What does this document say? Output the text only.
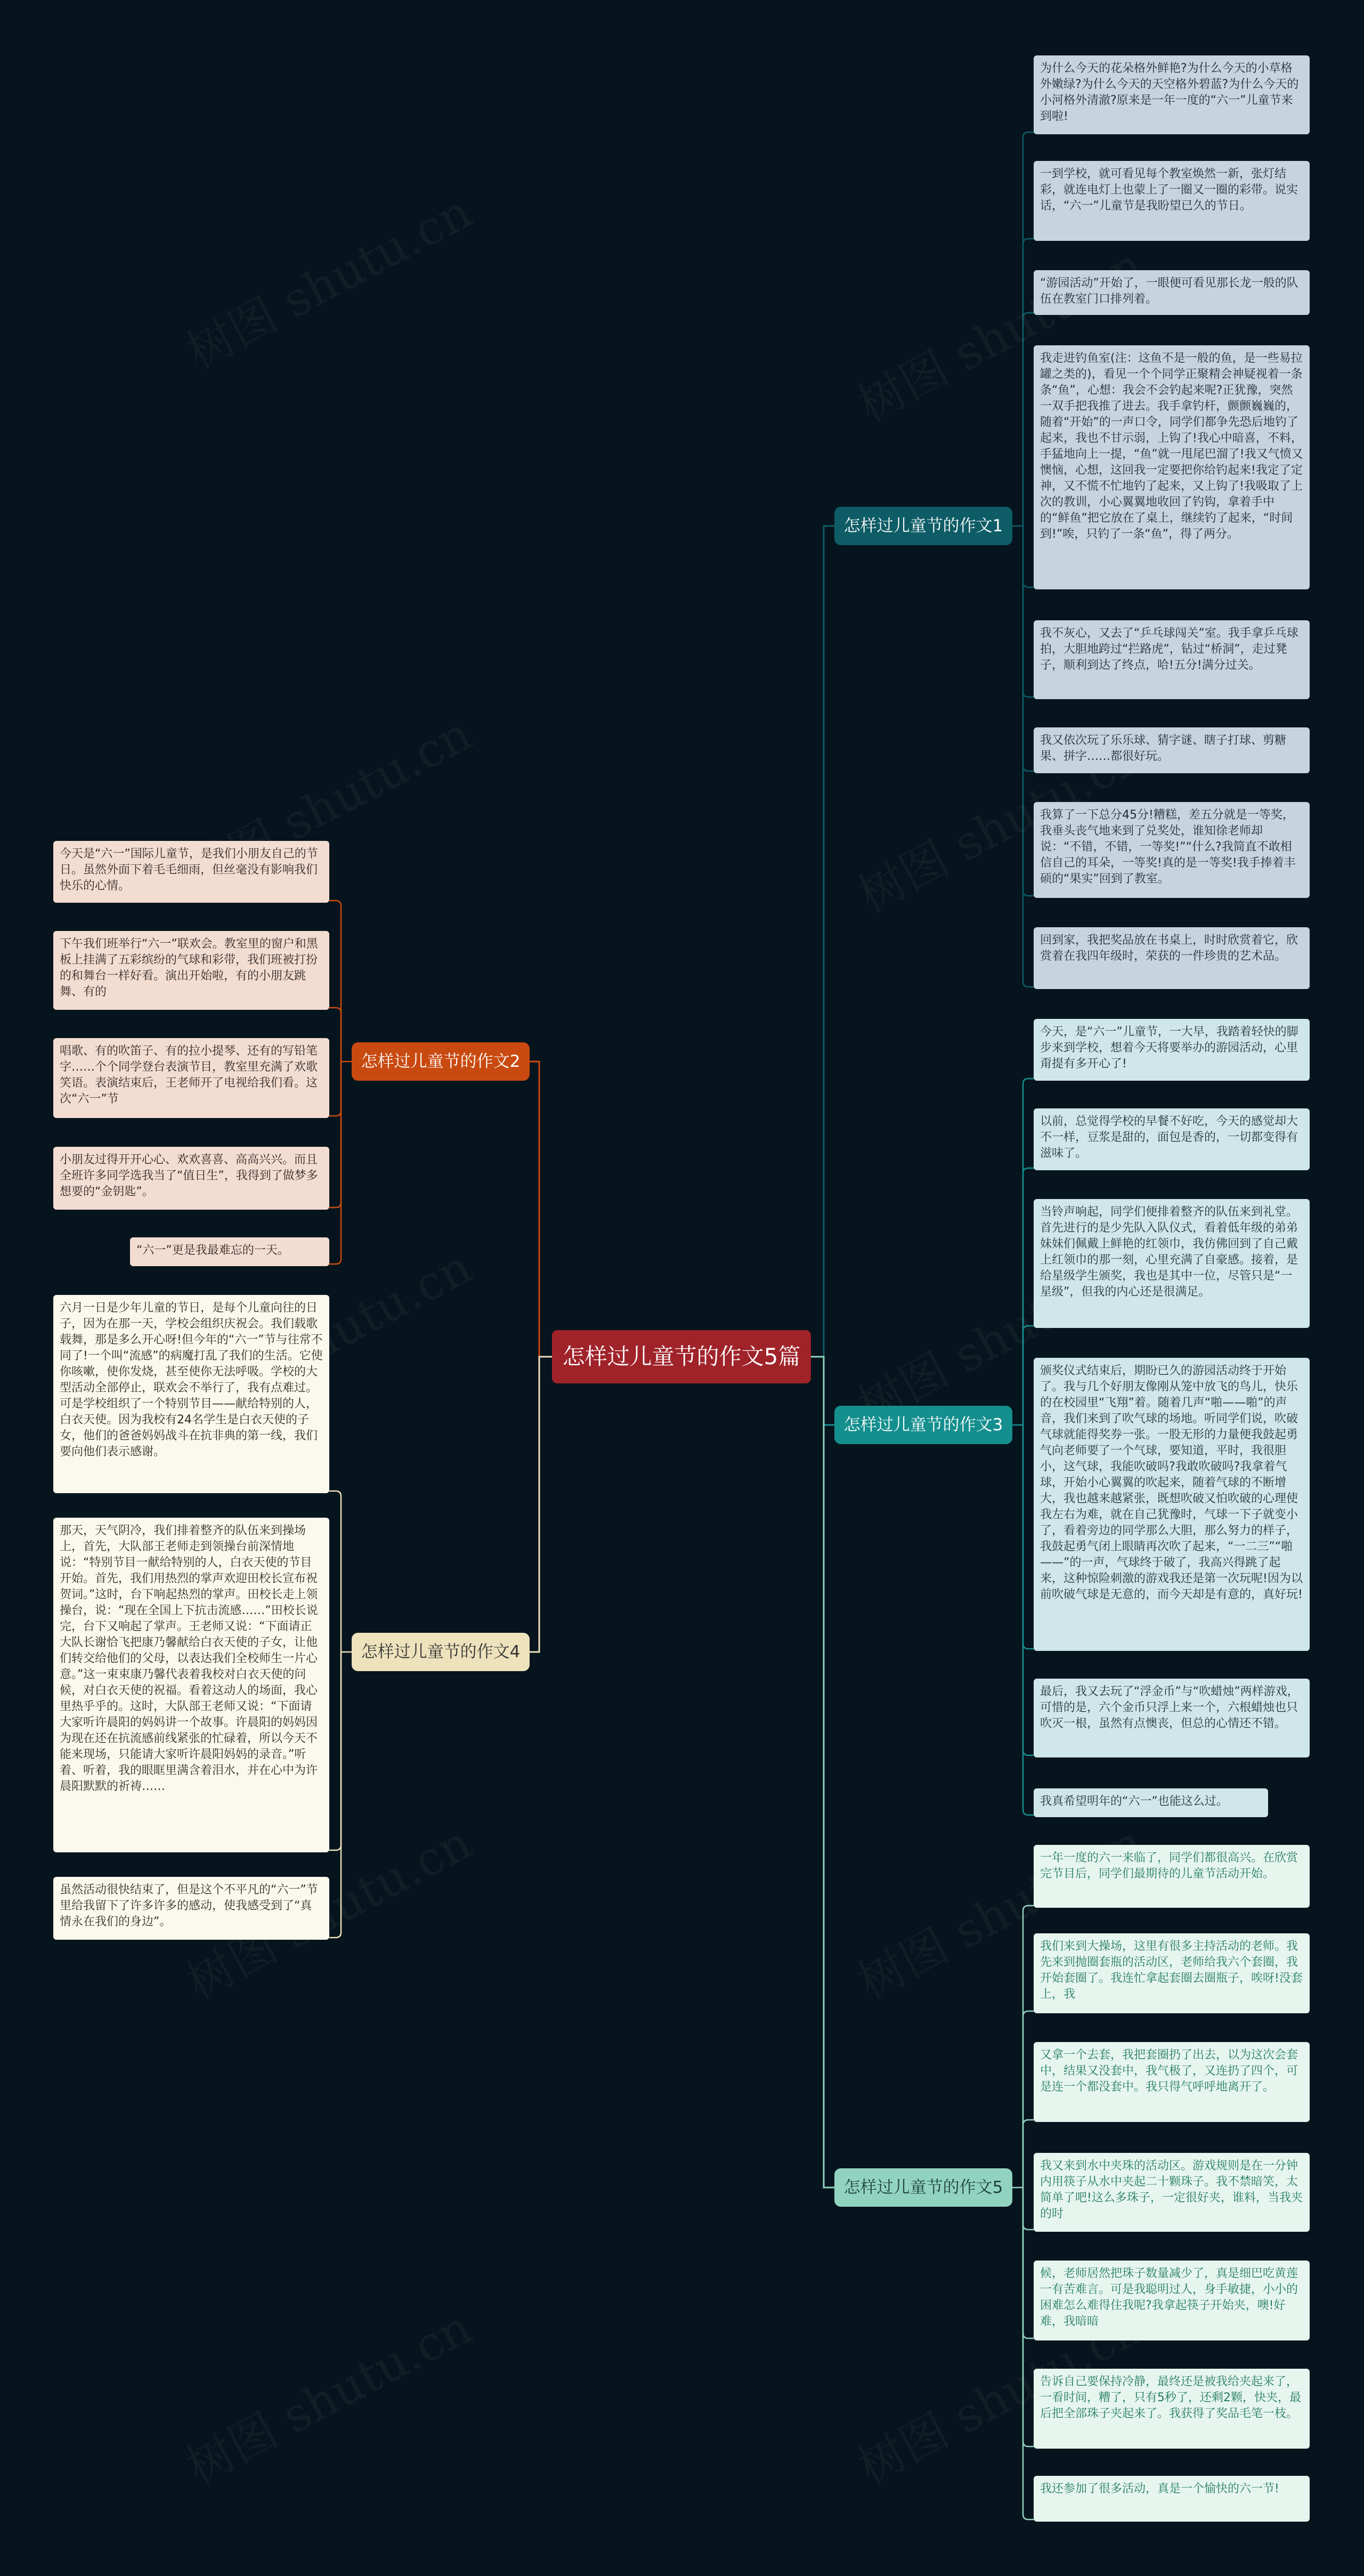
怎样过儿童节的作文5篇
怎样过儿童节的作文1
怎样过儿童节的作文3
怎样过儿童节的作文5
怎样过儿童节的作文2
怎样过儿童节的作文4
为什么今天的花朵格外鲜艳?为什么今天的小草格外嫩绿?为什么今天的天空格外碧蓝?为什么今天的小河格外清澈?原来是一年一度的“六一”儿童节来到啦!
一到学校，就可看见每个教室焕然一新，张灯结彩，就连电灯上也蒙上了一圈又一圈的彩带。说实话，“六一”儿童节是我盼望已久的节日。
“游园活动”开始了，一眼便可看见那长龙一般的队伍在教室门口排列着。
我走进钓鱼室(注：这鱼不是一般的鱼，是一些易拉罐之类的)，看见一个个同学正聚精会神疑视着一条条“鱼”，心想：我会不会钓起来呢?正犹豫，突然一双手把我推了进去。我手拿钓杆，颤颤巍巍的，随着“开始”的一声口令，同学们都争先恐后地钓了起来，我也不甘示弱，上钩了!我心中暗喜，不料，手猛地向上一提，“鱼”就一甩尾巴溜了!我又气愤又懊恼，心想，这回我一定要把你给钓起来!我定了定神，又不慌不忙地钓了起来，又上钩了!我吸取了上次的教训，小心翼翼地收回了钓钩，拿着手中的“鲜鱼”把它放在了桌上，继续钓了起来，“时间到!”唉，只钓了一条“鱼”，得了两分。
我不灰心，又去了“乒乓球闯关”室。我手拿乒乓球拍，大胆地跨过“拦路虎”，钻过“桥洞”，走过凳子，顺利到达了终点，哈!五分!满分过关。
我又依次玩了乐乐球、猜字谜、瞎子打球、剪糖果、拼字……都很好玩。
我算了一下总分45分!糟糕，差五分就是一等奖，我垂头丧气地来到了兑奖处，谁知徐老师却说：“不错，不错，一等奖!”“什么?我简直不敢相信自己的耳朵，一等奖!真的是一等奖!我手捧着丰硕的“果实”回到了教室。
回到家，我把奖品放在书桌上，时时欣赏着它，欣赏着在我四年级时，荣获的一件珍贵的艺术品。
今天，是“六一”儿童节，一大早，我踏着轻快的脚步来到学校，想着今天将要举办的游园活动，心里甭提有多开心了!
以前，总觉得学校的早餐不好吃，今天的感觉却大不一样，豆浆是甜的，面包是香的，一切都变得有滋味了。
当铃声响起，同学们便排着整齐的队伍来到礼堂。首先进行的是少先队入队仪式，看着低年级的弟弟妹妹们佩戴上鲜艳的红领巾，我仿佛回到了自己戴上红领巾的那一刻，心里充满了自豪感。接着，是给星级学生颁奖，我也是其中一位，尽管只是“一星级”，但我的内心还是很满足。
颁奖仪式结束后，期盼已久的游园活动终于开始了。我与几个好朋友像刚从笼中放飞的鸟儿，快乐的在校园里“飞翔”着。随着几声“啪——啪”的声音，我们来到了吹气球的场地。听同学们说，吹破气球就能得奖券一张。一股无形的力量便我鼓起勇气向老师要了一个气球，要知道，平时，我很胆小，这气球，我能吹破吗?我敢吹破吗?我拿着气球，开始小心翼翼的吹起来，随着气球的不断增大，我也越来越紧张，既想吹破又怕吹破的心理使我左右为难，就在自己犹豫时，气球一下子就变小了，看着旁边的同学那么大胆，那么努力的样子，我鼓起勇气闭上眼睛再次吹了起来，“一二三”“啪——”的一声，气球终于破了，我高兴得跳了起来，这种惊险刺激的游戏我还是第一次玩呢!因为以前吹破气球是无意的，而今天却是有意的，真好玩!
最后，我又去玩了“浮金币”与“吹蜡烛”两样游戏，可惜的是，六个金币只浮上来一个，六根蜡烛也只吹灭一根，虽然有点懊丧，但总的心情还不错。
我真希望明年的“六一”也能这么过。
一年一度的六一来临了，同学们都很高兴。在欣赏完节目后，同学们最期待的儿童节活动开始。
我们来到大操场，这里有很多主持活动的老师。我先来到抛圈套瓶的活动区，老师给我六个套圈，我开始套圈了。我连忙拿起套圈去圈瓶子，唉呀!没套上，我
又拿一个去套，我把套圈扔了出去，以为这次会套中，结果又没套中，我气极了，又连扔了四个，可是连一个都没套中。我只得气呼呼地离开了。
我又来到水中夹珠的活动区。游戏规则是在一分钟内用筷子从水中夹起二十颗珠子。我不禁暗笑，太简单了吧!这么多珠子，一定很好夹，谁料，当我夹的时
候，老师居然把珠子数量减少了，真是细巴吃黄莲一有苦难言。可是我聪明过人，身手敏捷，小小的困难怎么难得住我呢?我拿起筷子开始夹，噢!好难，我暗暗
告诉自己要保持冷静，最终还是被我给夹起来了，一看时间，糟了，只有5秒了，还剩2颗，快夹，最后把全部珠子夹起来了。我获得了奖品毛笔一枝。
我还参加了很多活动，真是一个愉快的六一节!
今天是“六一”国际儿童节，是我们小朋友自己的节日。虽然外面下着毛毛细雨，但丝毫没有影响我们快乐的心情。
下午我们班举行“六一”联欢会。教室里的窗户和黑板上挂满了五彩缤纷的气球和彩带，我们班被打扮的和舞台一样好看。演出开始啦，有的小朋友跳舞、有的
唱歌、有的吹笛子、有的拉小提琴、还有的写铅笔字……个个同学登台表演节目，教室里充满了欢歌笑语。表演结束后，王老师开了电视给我们看。这次“六一”节
小朋友过得开开心心、欢欢喜喜、高高兴兴。而且全班许多同学选我当了“值日生”，我得到了做梦多想要的“金钥匙”。
“六一”更是我最难忘的一天。
六月一日是少年儿童的节日，是每个儿童向往的日子，因为在那一天，学校会组织庆祝会。我们载歌载舞，那是多么开心呀!但今年的“六一”节与往常不同了!一个叫“流感”的病魔打乱了我们的生活。它使你咳嗽，使你发烧，甚至使你无法呼吸。学校的大型活动全部停止，联欢会不举行了，我有点难过。可是学校组织了一个特别节目——献给特别的人，白衣天使。因为我校有24名学生是白衣天使的子女，他们的爸爸妈妈战斗在抗非典的第一线，我们要向他们表示感谢。
那天，天气阴冷，我们排着整齐的队伍来到操场上，首先，大队部王老师走到领操台前深情地说：“特别节目一献给特别的人，白衣天使的节目开始。首先，我们用热烈的掌声欢迎田校长宣布祝贺词。”这时，台下响起热烈的掌声。田校长走上领操台，说：“现在全国上下抗击流感……”田校长说完，台下又响起了掌声。王老师又说：“下面请正大队长谢恰飞把康乃馨献给白衣天使的子女，让他们转交给他们的父母，以表达我们全校师生一片心意。”这一束束康乃馨代表着我校对白衣天使的问候，对白衣天使的祝福。看着这动人的场面，我心里热乎乎的。这时，大队部王老师又说：“下面请大家听许晨阳的妈妈讲一个故事。许晨阳的妈妈因为现在还在抗流感前线紧张的忙碌着，所以今天不能来现场，只能请大家听许晨阳妈妈的录音。”听着、听着，我的眼眶里满含着泪水，并在心中为许晨阳默默的祈祷……
虽然活动很快结束了，但是这个不平凡的“六一”节里给我留下了许多许多的感动，使我感受到了“真情永在我们的身边”。
